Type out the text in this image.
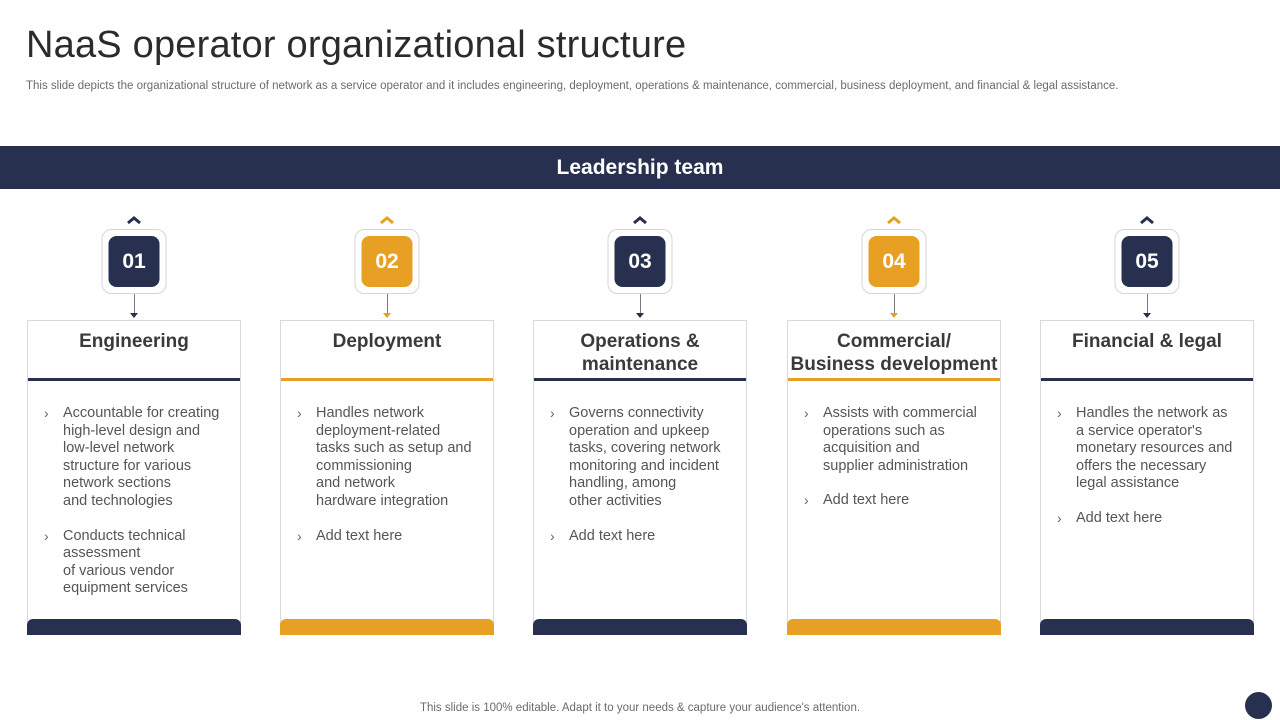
NaaS operator organizational structure
This slide depicts the organizational structure of network as a service operator and it includes engineering, deployment, operations & maintenance, commercial, business deployment, and financial & legal assistance.
Leadership team
01
Engineering
› Accountable for creating
high-level design and
low-level network
structure for various
network sections
and technologies
› Conducts technical
assessment
of various vendor
equipment services
02
Deployment
› Handles network
deployment-related
tasks such as setup and
commissioning
and network
hardware integration
› Add text here
03
Operations &
maintenance
› Governs connectivity
operation and upkeep
tasks, covering network
monitoring and incident
handling, among
other activities
› Add text here
04
Commercial/
Business development
› Assists with commercial
operations such as
acquisition and
supplier administration
› Add text here
05
Financial & legal
› Handles the network as
a service operator's
monetary resources and
offers the necessary
legal assistance
› Add text here
This slide is 100% editable. Adapt it to your needs & capture your audience's attention.
